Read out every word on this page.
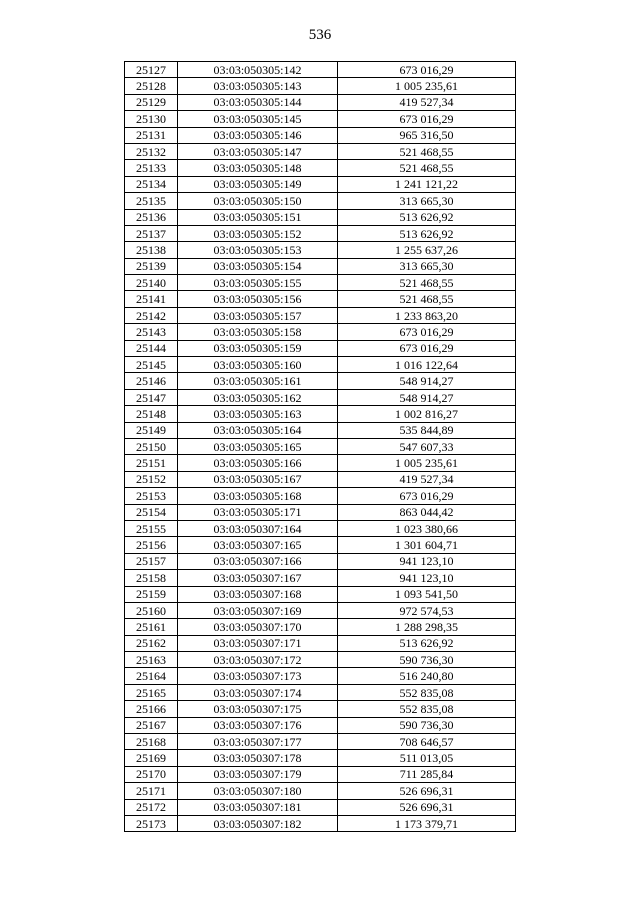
536
25127	03:03:050305:142	673 016,29
25128	03:03:050305:143	1 005 235,61
25129	03:03:050305:144	419 527,34
25130	03:03:050305:145	673 016,29
25131	03:03:050305:146	965 316,50
25132	03:03:050305:147	521 468,55
25133	03:03:050305:148	521 468,55
25134	03:03:050305:149	1 241 121,22
25135	03:03:050305:150	313 665,30
25136	03:03:050305:151	513 626,92
25137	03:03:050305:152	513 626,92
25138	03:03:050305:153	1 255 637,26
25139	03:03:050305:154	313 665,30
25140	03:03:050305:155	521 468,55
25141	03:03:050305:156	521 468,55
25142	03:03:050305:157	1 233 863,20
25143	03:03:050305:158	673 016,29
25144	03:03:050305:159	673 016,29
25145	03:03:050305:160	1 016 122,64
25146	03:03:050305:161	548 914,27
25147	03:03:050305:162	548 914,27
25148	03:03:050305:163	1 002 816,27
25149	03:03:050305:164	535 844,89
25150	03:03:050305:165	547 607,33
25151	03:03:050305:166	1 005 235,61
25152	03:03:050305:167	419 527,34
25153	03:03:050305:168	673 016,29
25154	03:03:050305:171	863 044,42
25155	03:03:050307:164	1 023 380,66
25156	03:03:050307:165	1 301 604,71
25157	03:03:050307:166	941 123,10
25158	03:03:050307:167	941 123,10
25159	03:03:050307:168	1 093 541,50
25160	03:03:050307:169	972 574,53
25161	03:03:050307:170	1 288 298,35
25162	03:03:050307:171	513 626,92
25163	03:03:050307:172	590 736,30
25164	03:03:050307:173	516 240,80
25165	03:03:050307:174	552 835,08
25166	03:03:050307:175	552 835,08
25167	03:03:050307:176	590 736,30
25168	03:03:050307:177	708 646,57
25169	03:03:050307:178	511 013,05
25170	03:03:050307:179	711 285,84
25171	03:03:050307:180	526 696,31
25172	03:03:050307:181	526 696,31
25173	03:03:050307:182	1 173 379,71
